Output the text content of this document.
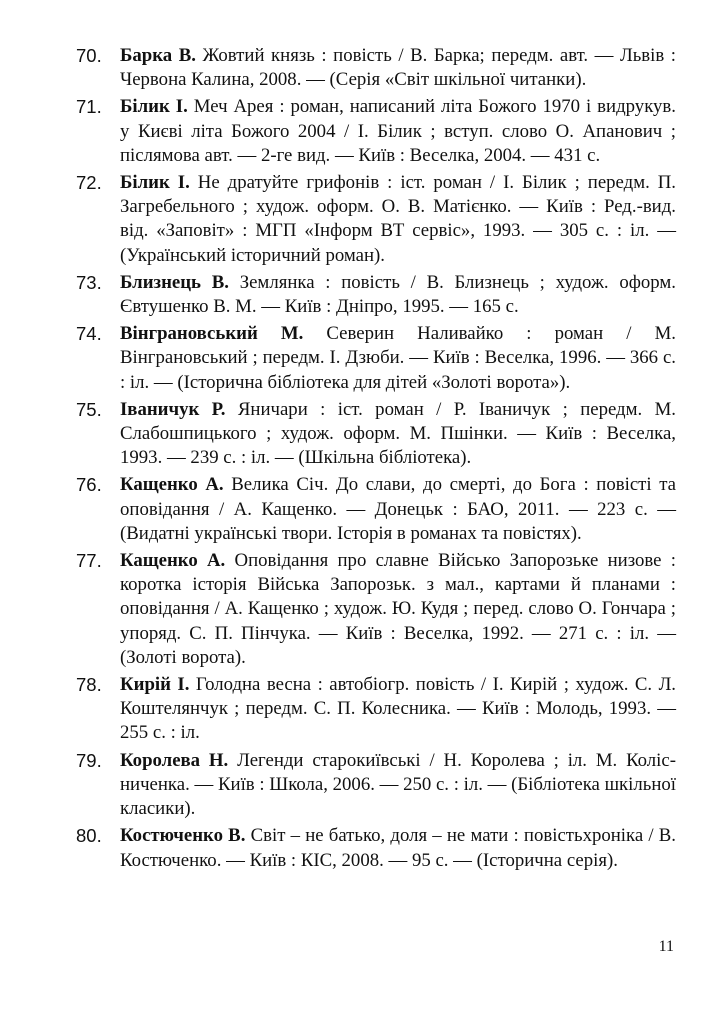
70. Барка В. Жовтий князь : повість / В. Барка; передм. авт. — Львів : Червона Калина, 2008. — (Серія «Світ шкільної читанки).
71. Білик І. Меч Арея : роман, написаний літа Божого 1970 і видрукув. у Києві літа Божого 2004 / І. Білик ; вступ. слово О. Апанович ; післямова авт. — 2-ге вид. — Київ : Веселка, 2004. — 431 с.
72. Білик І. Не дратуйте грифонів : іст. роман / І. Білик ; передм. П. Загребельного ; худож. оформ. О. В. Матієнко. — Київ : Ред.-вид. від. «Заповіт» : МГП «Інформ ВТ сервіс», 1993. — 305 с. : іл. — (Український історичний роман).
73. Близнець В. Землянка : повість / В. Близнець ; худож. оформ. Євтушенко В. М. — Київ : Дніпро, 1995. — 165 с.
74. Вінграновський М. Северин Наливайко : роман / М. Вінграновський ; передм. І. Дзюби. — Київ : Веселка, 1996. — 366 с. : іл. — (Історична бібліотека для дітей «Золоті ворота»).
75. Іваничук Р. Яничари : іст. роман / Р. Іваничук ; передм. М. Слабошпицького ; худож. оформ. М. Пшінки. — Київ : Веселка, 1993. — 239 с. : іл. — (Шкільна бібліотека).
76. Кащенко А. Велика Січ. До слави, до смерті, до Бога : повісті та оповідання / А. Кащенко. — Донецьк : БАО, 2011. — 223 с. — (Видатні українські твори. Історія в романах та повістях).
77. Кащенко А. Оповідання про славне Військо Запорозьке низове : коротка історія Війська Запорозьк. з мал., картами й планами : оповідання / А. Кащенко ; худож. Ю. Кудя ; перед. слово О. Гончара ; упоряд. С. П. Пінчука. — Київ : Веселка, 1992. — 271 с. : іл. — (Золоті ворота).
78. Кирій І. Голодна весна : автобіогр. повість / І. Кирій ; худож. С. Л. Коштелянчук ; передм. С. П. Колесника. — Київ : Молодь, 1993. — 255 с. : іл.
79. Королева Н. Легенди старокиївські / Н. Королева ; іл. М. Коліс-ниченка. — Київ : Школа, 2006. — 250 с. : іл. — (Бібліотека шкільної класики).
80. Костюченко В. Світ – не батько, доля – не мати : повістьхроніка / В. Костюченко. — Київ : КІС, 2008. — 95 с. — (Історична серія).
11
